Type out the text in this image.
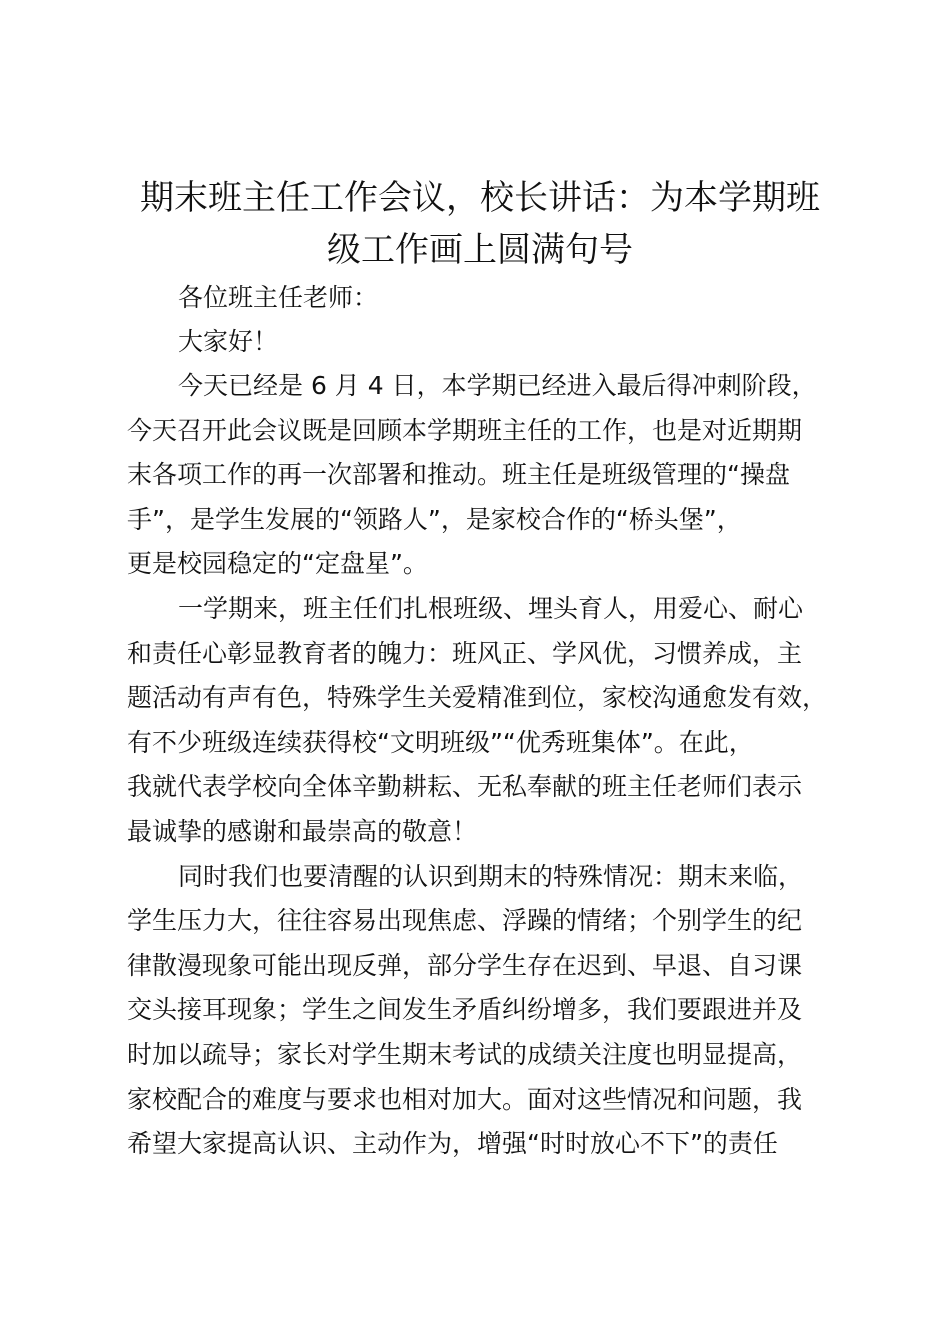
期末班主任工作会议，校长讲话：为本学期班
级工作画上圆满句号

各位班主任老师：

大家好！

今天已经是 6 月 4 日，本学期已经进入最后得冲刺阶段，

今天召开此会议既是回顾本学期班主任的工作，也是对近期期

末各项工作的再一次部署和推动。班主任是班级管理的“操盘

手”，是学生发展的“领路人”，是家校合作的“桥头堡”，

更是校园稳定的“定盘星”。

一学期来，班主任们扎根班级、埋头育人，用爱心、耐心

和责任心彰显教育者的魄力：班风正、学风优，习惯养成，主

题活动有声有色，特殊学生关爱精准到位，家校沟通愈发有效，

有不少班级连续获得校“文明班级”“优秀班集体”。在此，

我就代表学校向全体辛勤耕耘、无私奉献的班主任老师们表示

最诚挚的感谢和最崇高的敬意！

同时我们也要清醒的认识到期末的特殊情况：期末来临，

学生压力大，往往容易出现焦虑、浮躁的情绪；个别学生的纪

律散漫现象可能出现反弹，部分学生存在迟到、早退、自习课

交头接耳现象；学生之间发生矛盾纠纷增多，我们要跟进并及

时加以疏导；家长对学生期末考试的成绩关注度也明显提高，

家校配合的难度与要求也相对加大。面对这些情况和问题，我

希望大家提高认识、主动作为，增强“时时放心不下”的责任
